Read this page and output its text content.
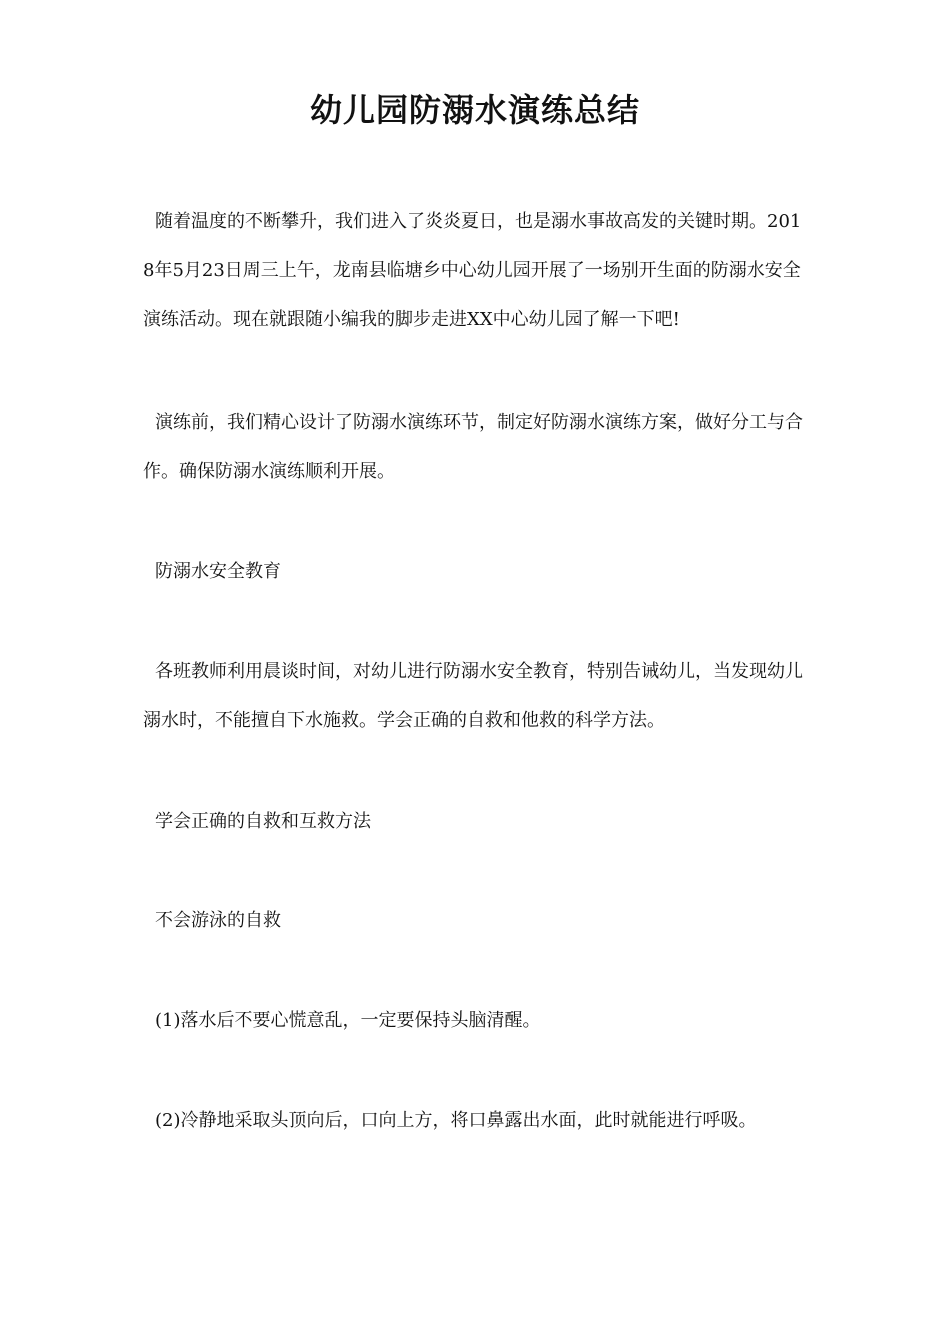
幼儿园防溺水演练总结

随着温度的不断攀升，我们进入了炎炎夏日，也是溺水事故高发的关键时期。2018年5月23日周三上午，龙南县临塘乡中心幼儿园开展了一场别开生面的防溺水安全演练活动。现在就跟随小编我的脚步走进XX中心幼儿园了解一下吧!

演练前，我们精心设计了防溺水演练环节，制定好防溺水演练方案，做好分工与合作。确保防溺水演练顺利开展。

防溺水安全教育

各班教师利用晨谈时间，对幼儿进行防溺水安全教育，特别告诫幼儿，当发现幼儿溺水时，不能擅自下水施救。学会正确的自救和他救的科学方法。

学会正确的自救和互救方法

不会游泳的自救

(1)落水后不要心慌意乱，一定要保持头脑清醒。

(2)冷静地采取头顶向后，口向上方，将口鼻露出水面，此时就能进行呼吸。
